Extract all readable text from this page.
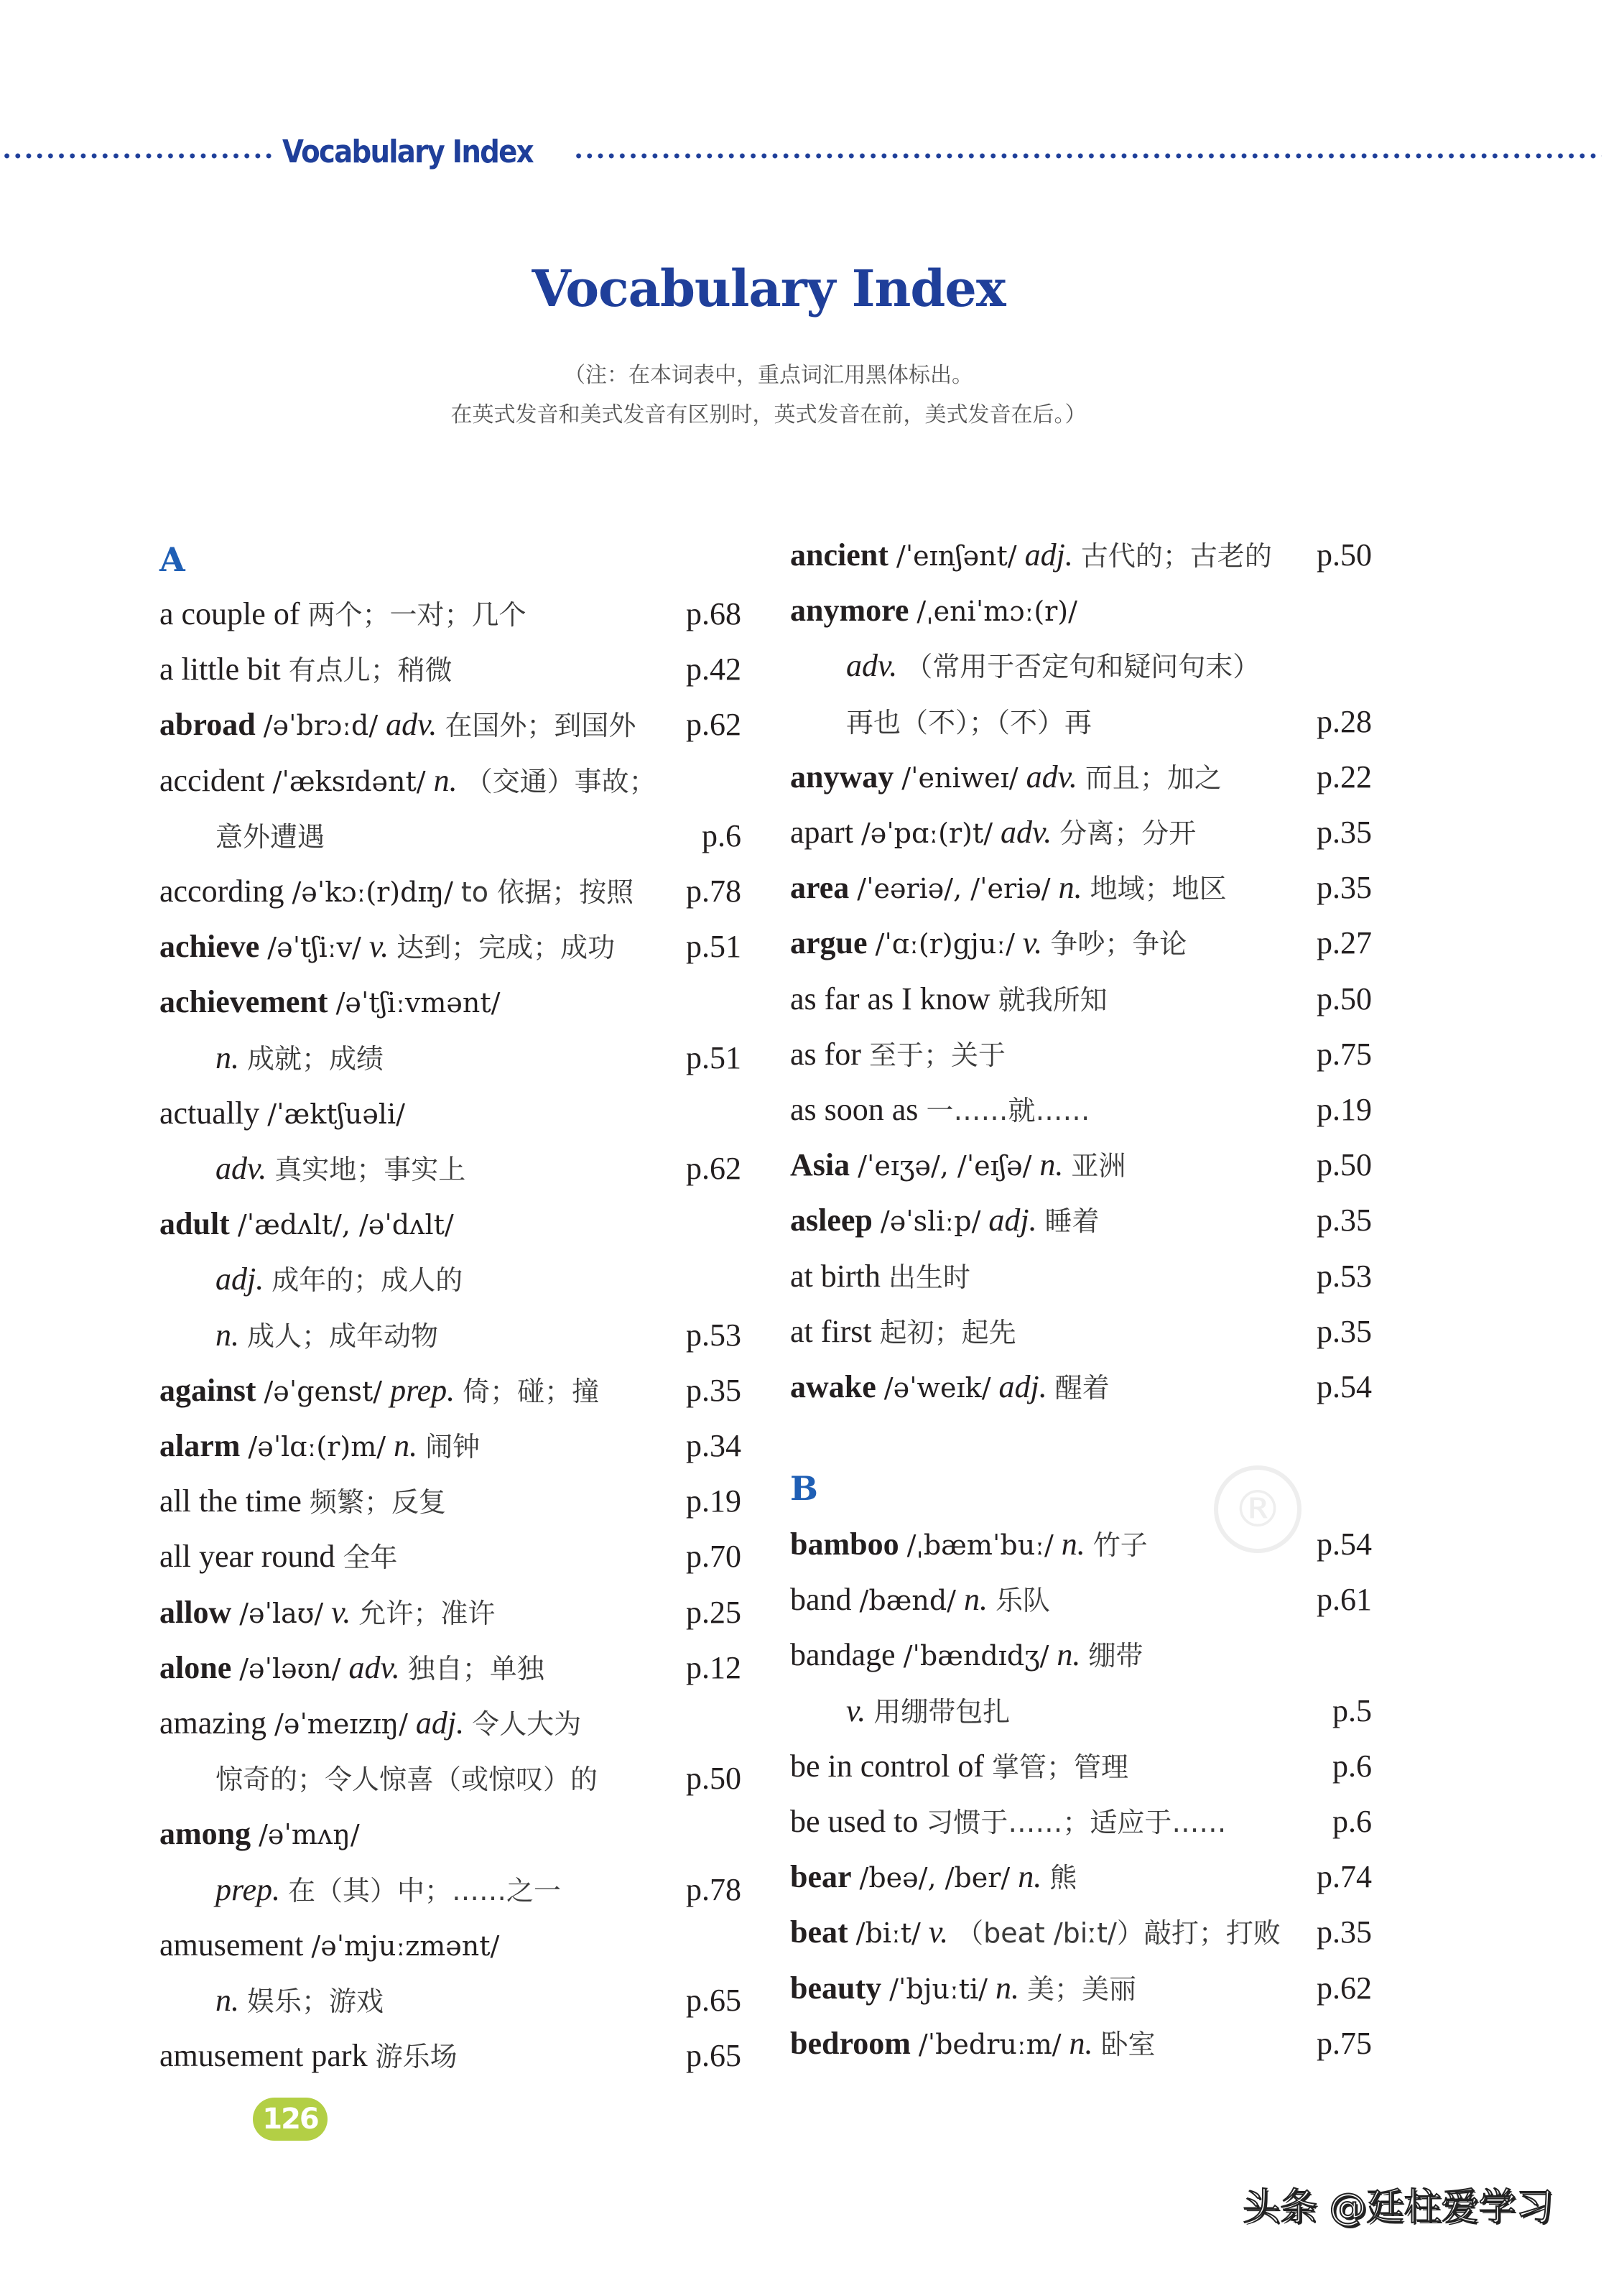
Vocabulary Index
Vocabulary Index
（注：在本词表中，重点词汇用黑体标出。
在英式发音和美式发音有区别时，英式发音在前，美式发音在后。）
®
A
a couple of 两个；一对；几个	p.68
a little bit 有点儿；稍微	p.42
abroad /əˈbrɔːd/ adv. 在国外；到国外 p.62
accident /ˈæksɪdənt/ n. （交通）事故；
意外遭遇	p.6
according /əˈkɔː(r)dɪŋ/ to 依据；按照 p.78
achieve /əˈtʃiːv/ v. 达到；完成；成功 p.51
achievement /əˈtʃiːvmənt/
n. 成就；成绩	p.51
actually /ˈæktʃuəli/
adv. 真实地；事实上	p.62
adult /ˈædʌlt/, /əˈdʌlt/
adj. 成年的；成人的
n. 成人；成年动物	p.53
against /əˈgenst/ prep. 倚；碰；撞	p.35
alarm /əˈlɑː(r)m/ n. 闹钟	p.34
all the time 频繁；反复	p.19
all year round 全年	p.70
allow /əˈlaʊ/ v. 允许；准许	p.25
alone /əˈləʊn/ adv. 独自；单独	p.12
amazing /əˈmeɪzɪŋ/ adj. 令人大为
惊奇的；令人惊喜（或惊叹）的	p.50
among /əˈmʌŋ/
prep. 在（其）中；……之一	p.78
amusement /əˈmjuːzmənt/
n. 娱乐；游戏	p.65
amusement park 游乐场	p.65
B
ancient /ˈeɪnʃənt/ adj. 古代的；古老的 p.50
anymore /ˌeniˈmɔː(r)/
adv. （常用于否定句和疑问句末）
再也（不）；（不）再	p.28
anyway /ˈeniweɪ/ adv. 而且；加之	p.22
apart /əˈpɑː(r)t/ adv. 分离；分开	p.35
area /ˈeəriə/, /ˈeriə/ n. 地域；地区	p.35
argue /ˈɑː(r)gjuː/ v. 争吵；争论	p.27
as far as I know 就我所知	p.50
as for 至于；关于	p.75
as soon as 一……就……	p.19
Asia /ˈeɪʒə/, /ˈeɪʃə/ n. 亚洲	p.50
asleep /əˈsliːp/ adj. 睡着	p.35
at birth 出生时	p.53
at first 起初；起先	p.35
awake /əˈweɪk/ adj. 醒着	p.54
bamboo /ˌbæmˈbuː/ n. 竹子	p.54
band /bænd/ n. 乐队	p.61
bandage /ˈbændɪdʒ/ n. 绷带
v. 用绷带包扎	p.5
be in control of 掌管；管理	p.6
be used to 习惯于……；适应于……	p.6
bear /beə/, /ber/ n. 熊	p.74
beat /biːt/ v. （beat /biːt/）敲打；打败 p.35
beauty /ˈbjuːti/ n. 美；美丽	p.62
bedroom /ˈbedruːm/ n. 卧室	p.75
126
头条 @廷柱爱学习
